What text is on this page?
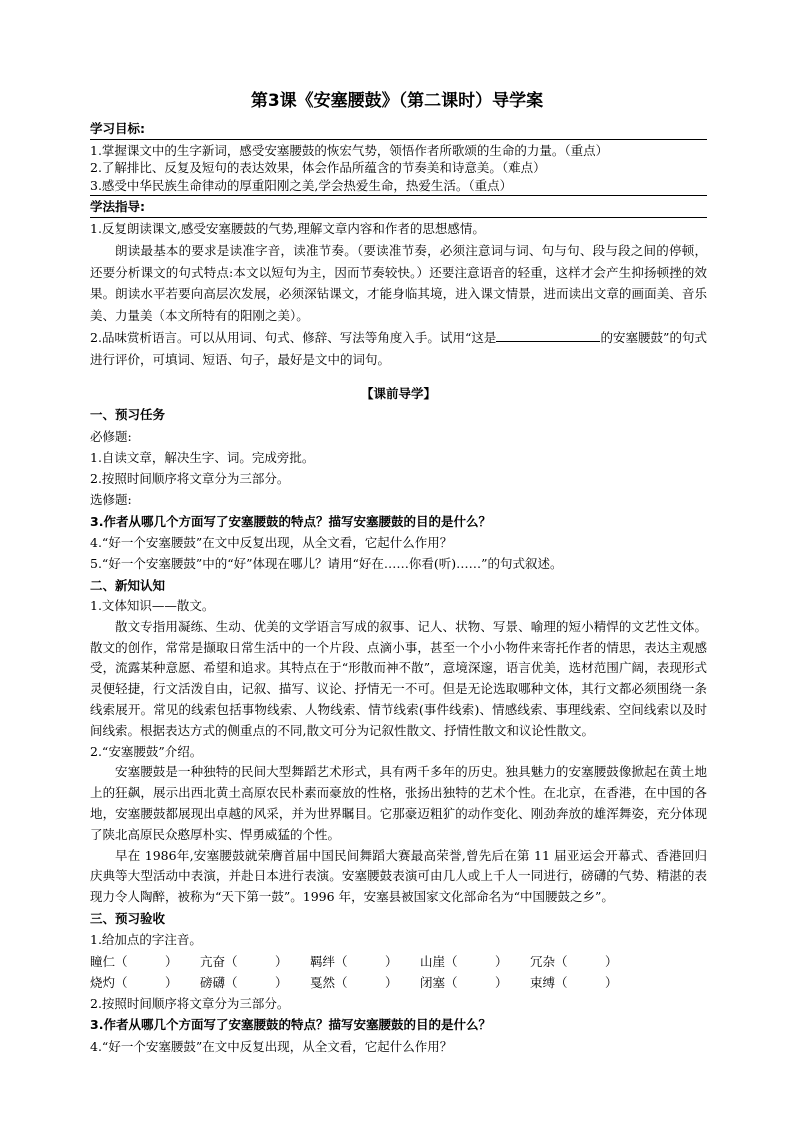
第3课《安塞腰鼓》（第二课时）导学案
学习目标:
1.掌握课文中的生字新词，感受安塞腰鼓的恢宏气势，领悟作者所歌颂的生命的力量。（重点）
2.了解排比、反复及短句的表达效果，体会作品所蕴含的节奏美和诗意美。（难点）
3.感受中华民族生命律动的厚重阳刚之美,学会热爱生命，热爱生活。（重点）
学法指导:
1.反复朗读课文,感受安塞腰鼓的气势,理解文章内容和作者的思想感情。
朗读最基本的要求是读准字音，读准节奏。（要读准节奏，必须注意词与词、句与句、段与段之间的停顿，还要分析课文的句式特点:本文以短句为主，因而节奏较快。）还要注意语音的轻重，这样才会产生抑扬顿挫的效果。朗读水平若要向高层次发展，必须深钻课文，才能身临其境，进入课文情景，进而读出文章的画面美、音乐美、力量美（本文所特有的阳刚之美）。
2.品味赏析语言。可以从用词、句式、修辞、写法等角度入手。试用“这是	的安塞腰鼓”的句式进行评价，可填词、短语、句子，最好是文中的词句。
【课前导学】
一、预习任务
必修题:
1.自读文章，解决生字、词。完成旁批。
2.按照时间顺序将文章分为三部分。
选修题:
3.作者从哪几个方面写了安塞腰鼓的特点？描写安塞腰鼓的目的是什么？
4.“好一个安塞腰鼓”在文中反复出现，从全文看，它起什么作用？
5.“好一个安塞腰鼓”中的“好”体现在哪儿？请用“好在……你看(听)……”的句式叙述。
二、新知认知
1.文体知识——散文。
散文专指用凝练、生动、优美的文学语言写成的叙事、记人、状物、写景、喻理的短小精悍的文艺性文体。散文的创作，常常是撷取日常生活中的一个片段、点滴小事，甚至一个小小物件来寄托作者的情思，表达主观感受，流露某种意愿、希望和追求。其特点在于“形散而神不散”，意境深邃，语言优美，选材范围广阔，表现形式灵便轻捷，行文活泼自由，记叙、描写、议论、抒情无一不可。但是无论选取哪种文体，其行文都必须围绕一条线索展开。常见的线索包括事物线索、人物线索、情节线索(事件线索)、情感线索、事理线索、空间线索以及时间线索。根据表达方式的侧重点的不同,散文可分为记叙性散文、抒情性散文和议论性散文。
2.“安塞腰鼓”介绍。
安塞腰鼓是一种独特的民间大型舞蹈艺术形式，具有两千多年的历史。独具魅力的安塞腰鼓像掀起在黄土地上的狂飙，展示出西北黄土高原农民朴素而豪放的性格，张扬出独特的艺术个性。在北京，在香港，在中国的各地，安塞腰鼓都展现出卓越的风采，并为世界瞩目。它那豪迈粗犷的动作变化、刚劲奔放的雄浑舞姿，充分体现了陕北高原民众憨厚朴实、悍勇威猛的个性。
早在 1986年,安塞腰鼓就荣膺首届中国民间舞蹈大赛最高荣誉,曾先后在第 11 届亚运会开幕式、香港回归庆典等大型活动中表演，并赴日本进行表演。安塞腰鼓表演可由几人或上千人一同进行，磅礴的气势、精湛的表现力令人陶醉，被称为“天下第一鼓”。1996 年，安塞县被国家文化部命名为“中国腰鼓之乡”。
三、预习验收
1.给加点的字注音。
瞳仁（　　　） 亢奋（　　　） 羁绊（　　　） 山崖（　　　） 冗杂（　　　）
烧灼（　　　） 磅礴（　　　） 戛然（　　　） 闭塞（　　　） 束缚（　　　）
2.按照时间顺序将文章分为三部分。
3.作者从哪几个方面写了安塞腰鼓的特点？描写安塞腰鼓的目的是什么？
4.“好一个安塞腰鼓”在文中反复出现，从全文看，它起什么作用？
